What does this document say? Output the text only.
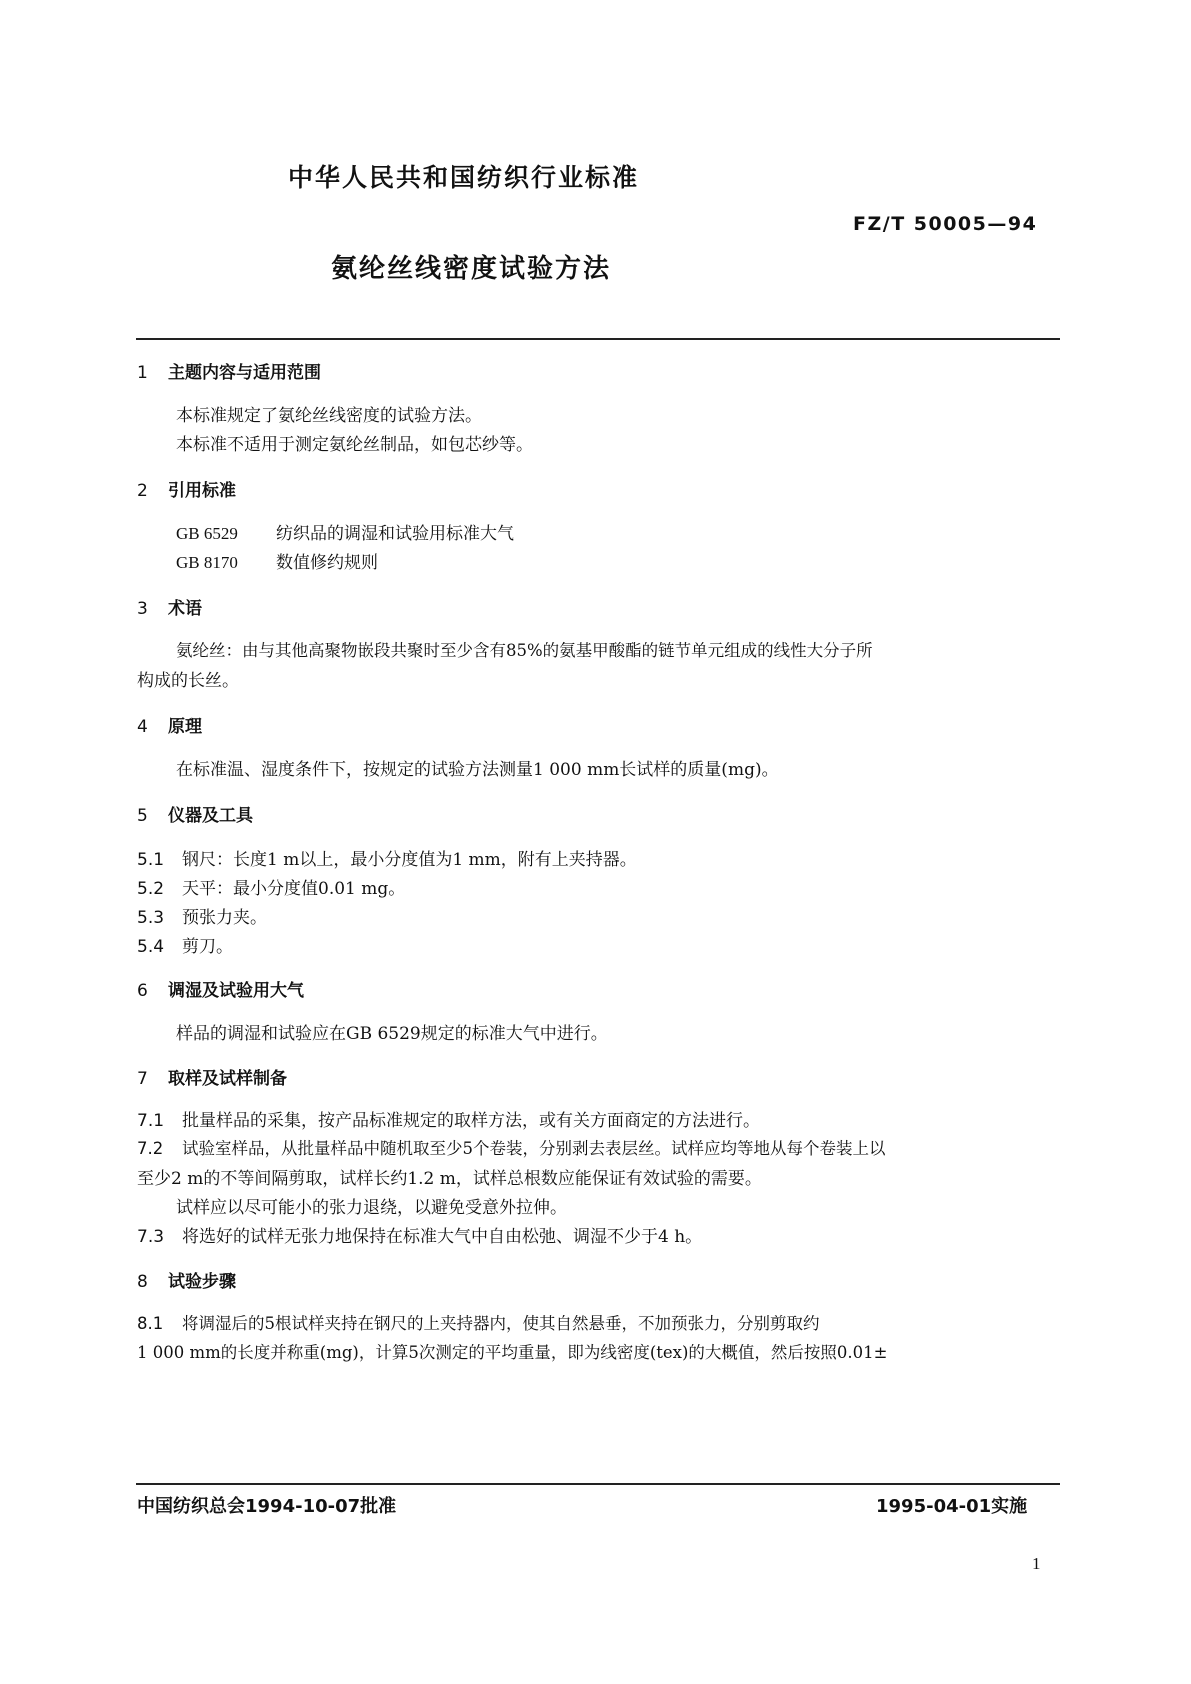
中华人民共和国纺织行业标准
FZ/T 50005—94
氨纶丝线密度试验方法
1 主题内容与适用范围
本标准规定了氨纶丝线密度的试验方法。
本标准不适用于测定氨纶丝制品，如包芯纱等。
2 引用标准
GB 6529 纺织品的调湿和试验用标准大气
GB 8170 数值修约规则
3 术语
氨纶丝：由与其他高聚物嵌段共聚时至少含有85%的氨基甲酸酯的链节单元组成的线性大分子所
构成的长丝。
4 原理
在标准温、湿度条件下，按规定的试验方法测量1 000 mm长试样的质量(mg)。
5 仪器及工具
5.1 钢尺：长度1 m以上，最小分度值为1 mm，附有上夹持器。
5.2 天平：最小分度值0.01 mg。
5.3 预张力夹。
5.4 剪刀。
6 调湿及试验用大气
样品的调湿和试验应在GB 6529规定的标准大气中进行。
7 取样及试样制备
7.1 批量样品的采集，按产品标准规定的取样方法，或有关方面商定的方法进行。
7.2 试验室样品，从批量样品中随机取至少5个卷装，分别剥去表层丝。试样应均等地从每个卷装上以
至少2 m的不等间隔剪取，试样长约1.2 m，试样总根数应能保证有效试验的需要。
试样应以尽可能小的张力退绕，以避免受意外拉伸。
7.3 将选好的试样无张力地保持在标准大气中自由松弛、调湿不少于4 h。
8 试验步骤
8.1 将调湿后的5根试样夹持在钢尺的上夹持器内，使其自然悬垂，不加预张力，分别剪取约
1 000 mm的长度并称重(mg)，计算5次测定的平均重量，即为线密度(tex)的大概值，然后按照0.01±
中国纺织总会1994-10-07批准	1995-04-01实施
1
